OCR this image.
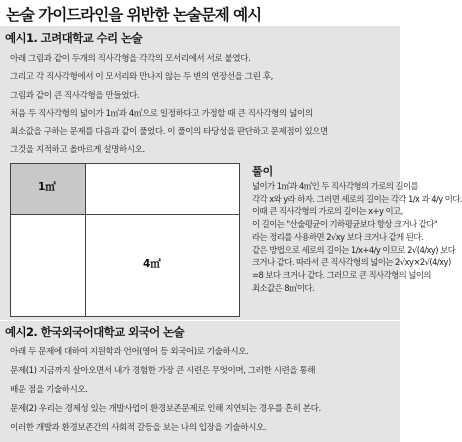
논술 가이드라인을 위반한 논술문제 예시
예시1. 고려대학교 수리 논술

아래 그림과 같이 두개의 직사각형을 각각의 모서리에서 서로 붙였다.

그리고 각 직사각형에서 이 모서리와 만나지 않는 두 변의 연장선을 그린 후,

그림과 같이 큰 직사각형을 만들었다.

처음 두 직사각형의 넓이가 1㎡과 4㎡으로 일정하다고 가정할 때 큰 직사각형의 넓이의

최소값을 구하는 문제를 다음과 같이 풀었다. 이 풀이의 타당성을 판단하고 문제점이 있으면

그것을 지적하고 올바르게 설명하시오.

1㎡
4㎡
풀이

넓이가 1㎡과 4㎡인 두 직사각형의 가로의 길이를

각각 x와 y라 하자. 그러면 세로의 길이는 각각 1/x 과 4/y 이다.

이때 큰 직사각형의 가로의 길이는 x+y 이고,

이 길이는 "산술평균이 기하평균보다 항상 크거나 같다"

라는 정리를 사용하면 2√xy 보다 크거나 같게 된다.

같은 방법으로 세로의 길이는 1/x+4/y 이므로 2√(4/xy) 보다

크거나 같다. 따라서 큰 직사각형의 넓이는 2√xy×2√(4/xy)

=8 보다 크거나 같다. 그러므로 큰 직사각형의 넓이의

최소값은 8㎡이다.

예시2. 한국외국어대학교 외국어 논술

아래 두 문제에 대하여 지원학과 언어(영어 등 외국어)로 기술하시오.

문제(1) 지금까지 살아오면서 내가 경험한 가장 큰 시련은 무엇이며, 그러한 시련을 통해

배운 점을 기술하시오.

문제(2) 우리는 경제성 있는 개발사업이 환경보존문제로 인해 지연되는 경우를 흔히 본다.

이러한 개발과 환경보존간의 사회적 갈등을 보는 나의 입장을 기술하시오.
